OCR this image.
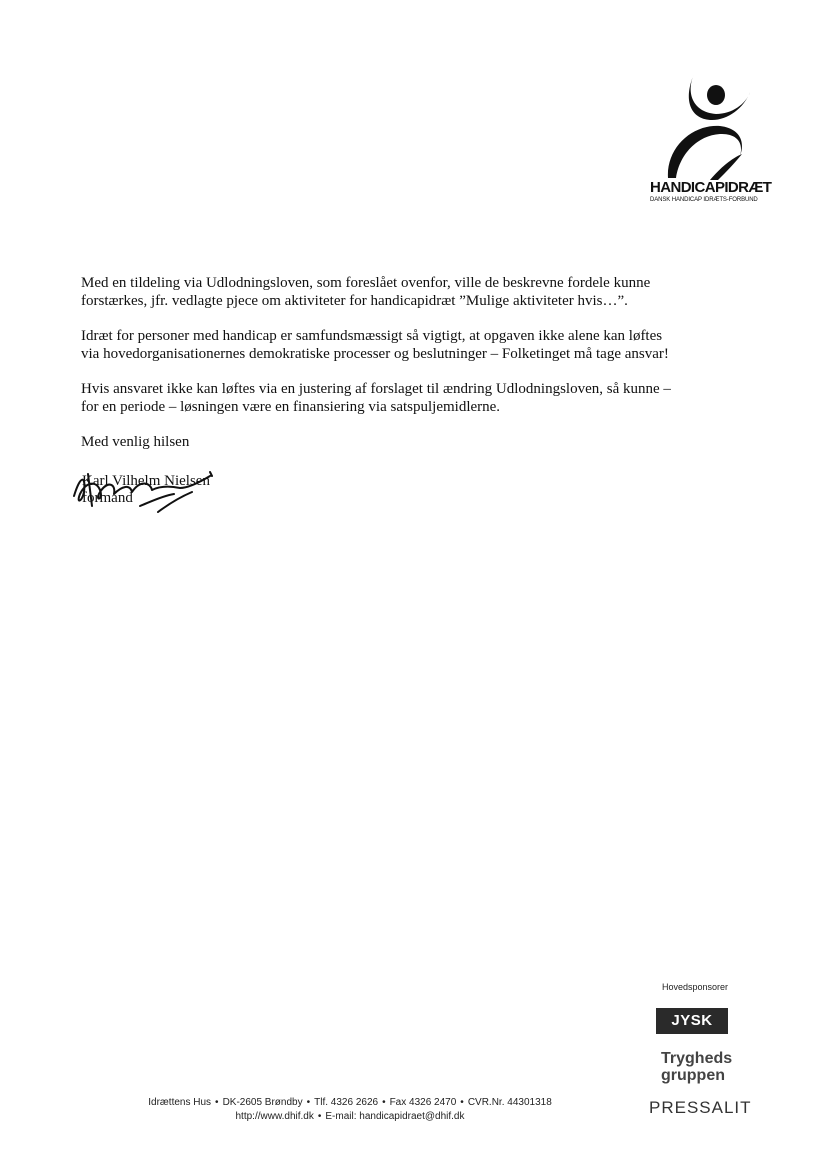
HANDICAPIDRÆT
DANSK HANDICAP IDRÆTS-FORBUND

Med en tildeling via Udlodningsloven, som foreslået ovenfor, ville de beskrevne fordele kunne
forstærkes, jfr. vedlagte pjece om aktiviteter for handicapidræt ”Mulige aktiviteter hvis…”.

Idræt for personer med handicap er samfundsmæssigt så vigtigt, at opgaven ikke alene kan løftes
via hovedorganisationernes demokratiske processer og beslutninger – Folketinget må tage ansvar!

Hvis ansvaret ikke kan løftes via en justering af forslaget til ændring Udlodningsloven, så kunne –
for en periode – løsningen være en finansiering via satspuljemidlerne.

Med venlig hilsen

Karl Vilhelm Nielsen
formand
Idrættens Hus • DK-2605 Brøndby • Tlf. 4326 2626 • Fax 4326 2470 • CVR.Nr. 44301318
http://www.dhif.dk • E-mail: handicapidraet@dhif.dk
Hovedsponsorer
JYSK
Trygheds
gruppen
PRESSALIT
